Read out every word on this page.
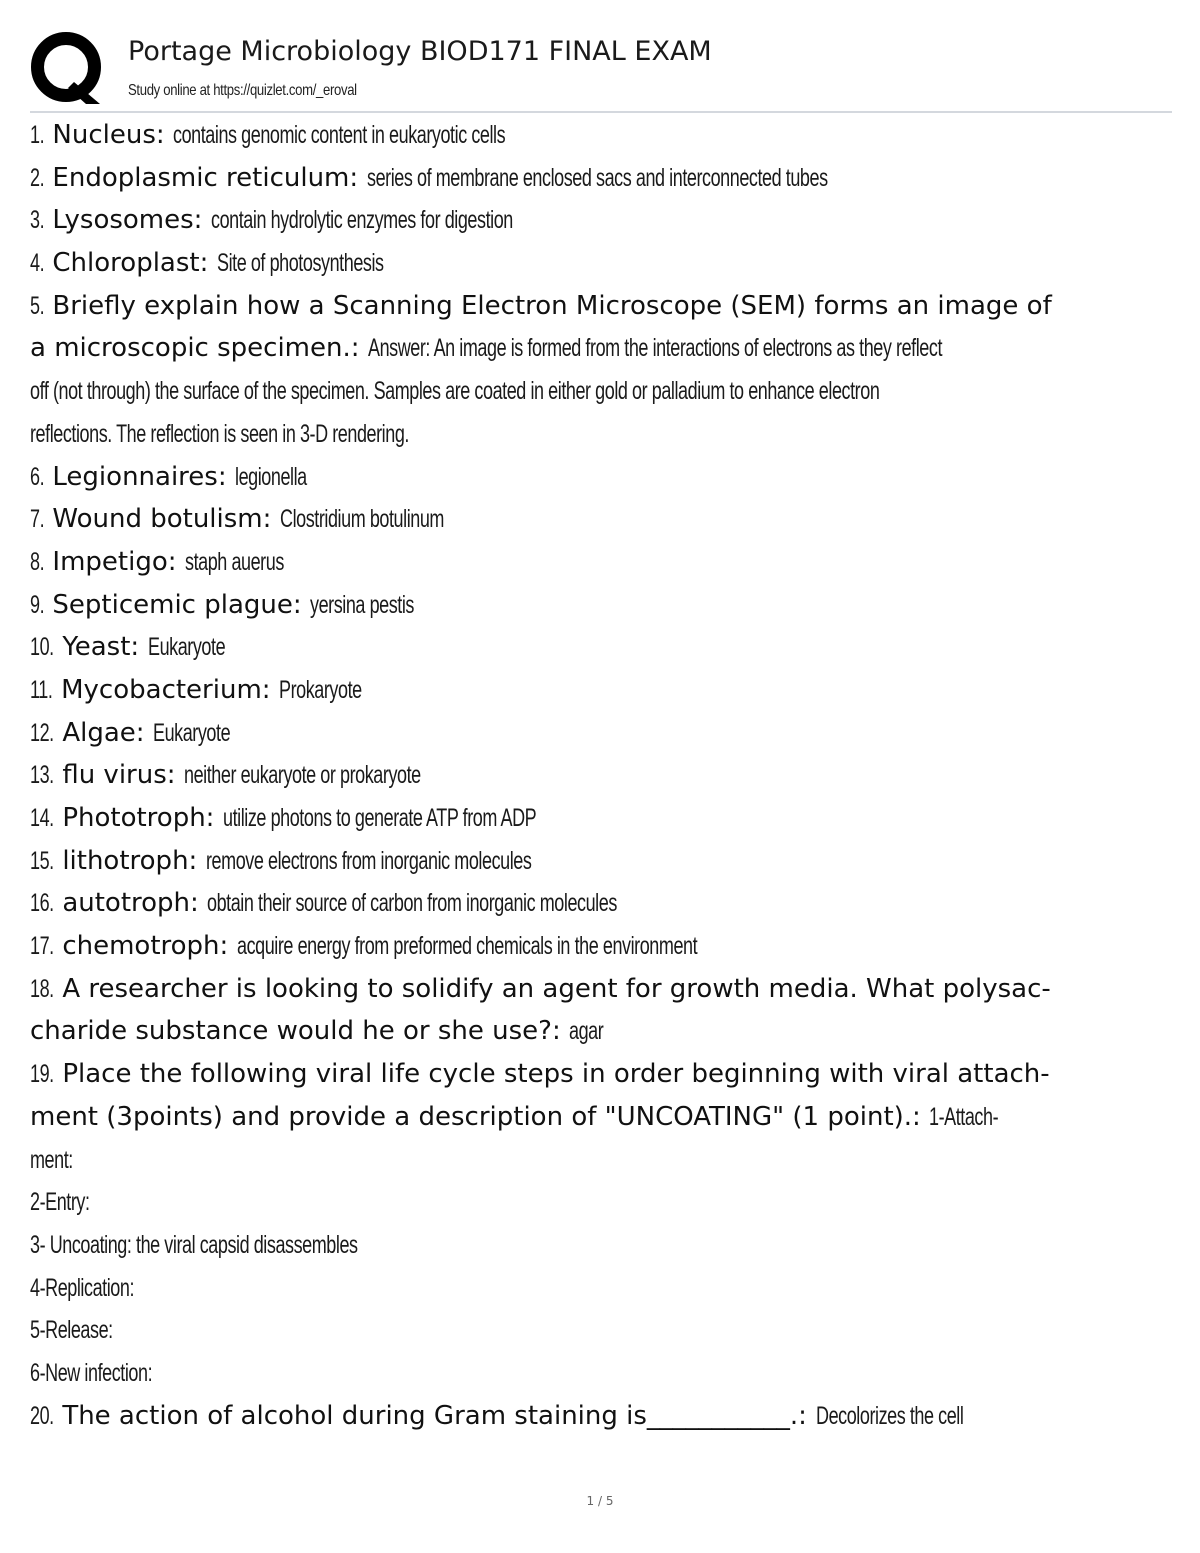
Portage Microbiology BIOD171 FINAL EXAM
Study online at https://quizlet.com/_eroval
1. Nucleus: contains genomic content in eukaryotic cells
2. Endoplasmic reticulum: series of membrane enclosed sacs and interconnected tubes
3. Lysosomes: contain hydrolytic enzymes for digestion
4. Chloroplast: Site of photosynthesis
5. Briefly explain how a Scanning Electron Microscope (SEM) forms an image of
a microscopic specimen.: Answer: An image is formed from the interactions of electrons as they reflect
off (not through) the surface of the specimen. Samples are coated in either gold or palladium to enhance electron
reflections. The reflection is seen in 3-D rendering.
6. Legionnaires: legionella
7. Wound botulism: Clostridium botulinum
8. Impetigo: staph auerus
9. Septicemic plague: yersina pestis
10. Yeast: Eukaryote
11. Mycobacterium: Prokaryote
12. Algae: Eukaryote
13. flu virus: neither eukaryote or prokaryote
14. Phototroph: utilize photons to generate ATP from ADP
15. lithotroph: remove electrons from inorganic molecules
16. autotroph: obtain their source of carbon from inorganic molecules
17. chemotroph: acquire energy from preformed chemicals in the environment
18. A researcher is looking to solidify an agent for growth media. What polysac-
charide substance would he or she use?: agar
19. Place the following viral life cycle steps in order beginning with viral attach-
ment (3points) and provide a description of "UNCOATING" (1 point).: 1-Attach-
ment:
2-Entry:
3- Uncoating: the viral capsid disassembles
4-Replication:
5-Release:
6-New infection:
20. The action of alcohol during Gram staining is___________.: Decolorizes the cell
1 / 5
